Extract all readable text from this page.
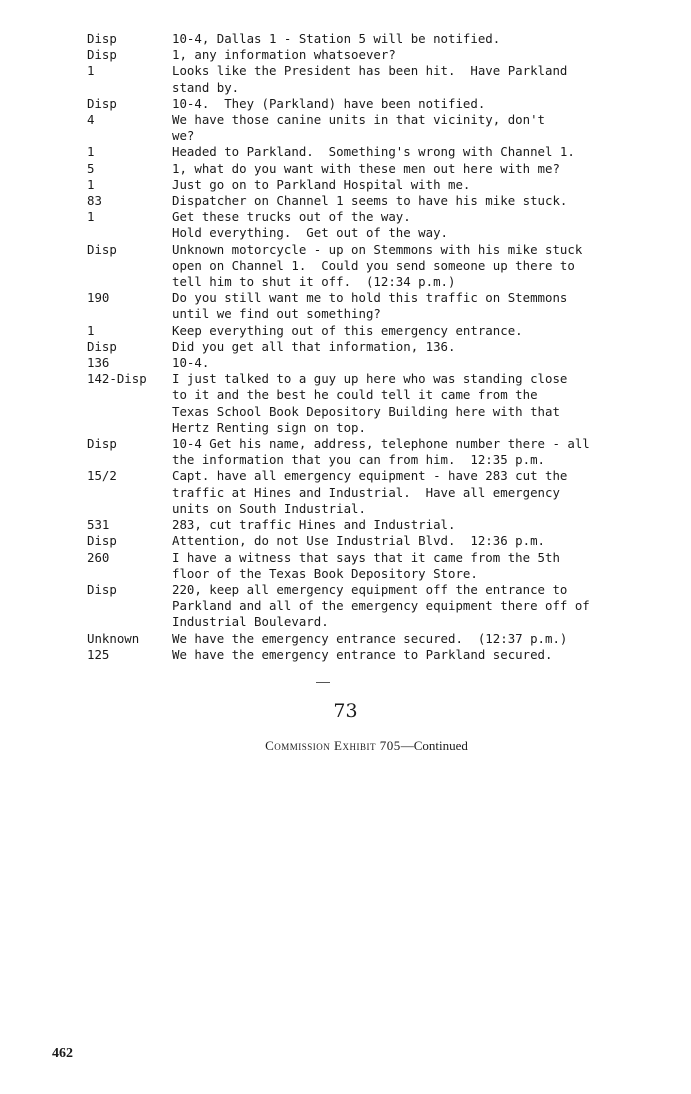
Disp	10-4, Dallas 1 - Station 5 will be notified.
Disp	1, any information whatsoever?
1	Looks like the President has been hit.  Have Parkland
stand by.
Disp	10-4.  They (Parkland) have been notified.
4	We have those canine units in that vicinity, don't
we?
1	Headed to Parkland.  Something's wrong with Channel 1.
5	1, what do you want with these men out here with me?
1	Just go on to Parkland Hospital with me.
83	Dispatcher on Channel 1 seems to have his mike stuck.
1	Get these trucks out of the way.
Hold everything.  Get out of the way.
Disp	Unknown motorcycle - up on Stemmons with his mike stuck
open on Channel 1.  Could you send someone up there to
tell him to shut it off.  (12:34 p.m.)
190	Do you still want me to hold this traffic on Stemmons
until we find out something?
1	Keep everything out of this emergency entrance.
Disp	Did you get all that information, 136.
136	10-4.
142-Disp	I just talked to a guy up here who was standing close
to it and the best he could tell it came from the
Texas School Book Depository Building here with that
Hertz Renting sign on top.
Disp	10-4 Get his name, address, telephone number there - all
the information that you can from him.  12:35 p.m.
15/2	Capt. have all emergency equipment - have 283 cut the
traffic at Hines and Industrial.  Have all emergency
units on South Industrial.
531	283, cut traffic Hines and Industrial.
Disp	Attention, do not Use Industrial Blvd.  12:36 p.m.
260	I have a witness that says that it came from the 5th
floor of the Texas Book Depository Store.
Disp	220, keep all emergency equipment off the entrance to
Parkland and all of the emergency equipment there off of
Industrial Boulevard.
Unknown	We have the emergency entrance secured.  (12:37 p.m.)
125	We have the emergency entrance to Parkland secured.
73
Commission Exhibit 705—Continued
462
